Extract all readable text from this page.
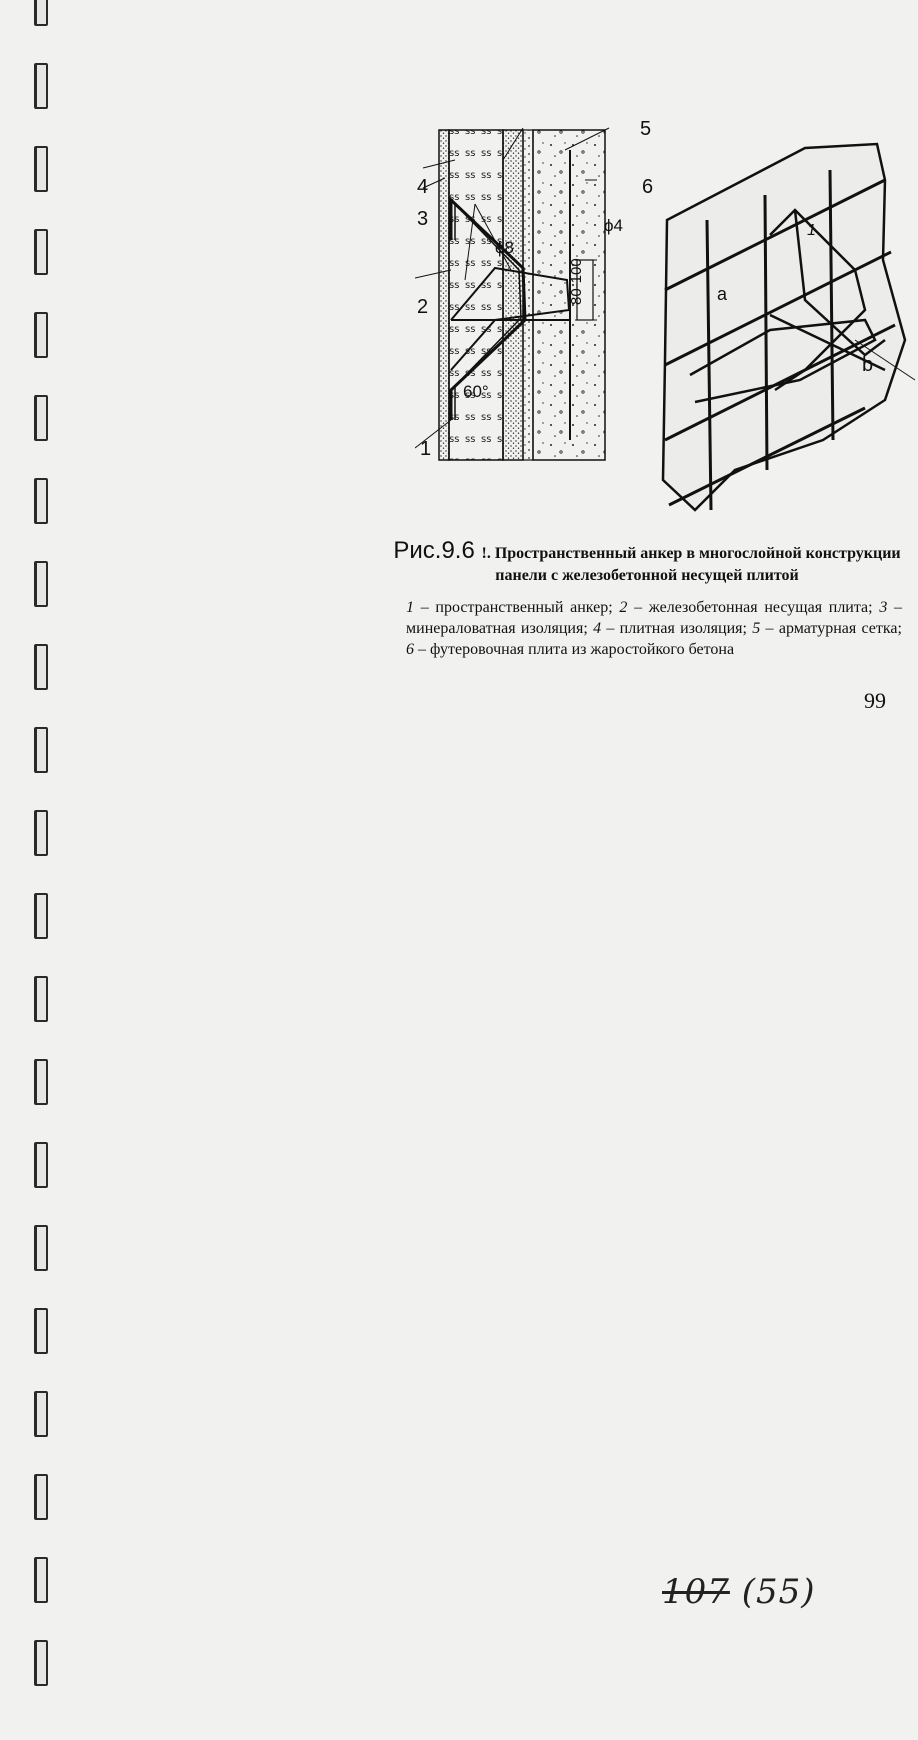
5
6
4
3
2
1
ϕ8
ϕ4
80-100
60°
1
a
b
Рис.9.6 !. Пространственный анкер в многослойной конструкции панели с железобетонной несущей плитой
1 – пространственный анкер; 2 – железобетонная несущая плита; 3 – минераловатная изоляция; 4 – плитная изоляция; 5 – арматурная сетка; 6 – футеровочная плита из жаростойкого бетона
99
107 (55)
